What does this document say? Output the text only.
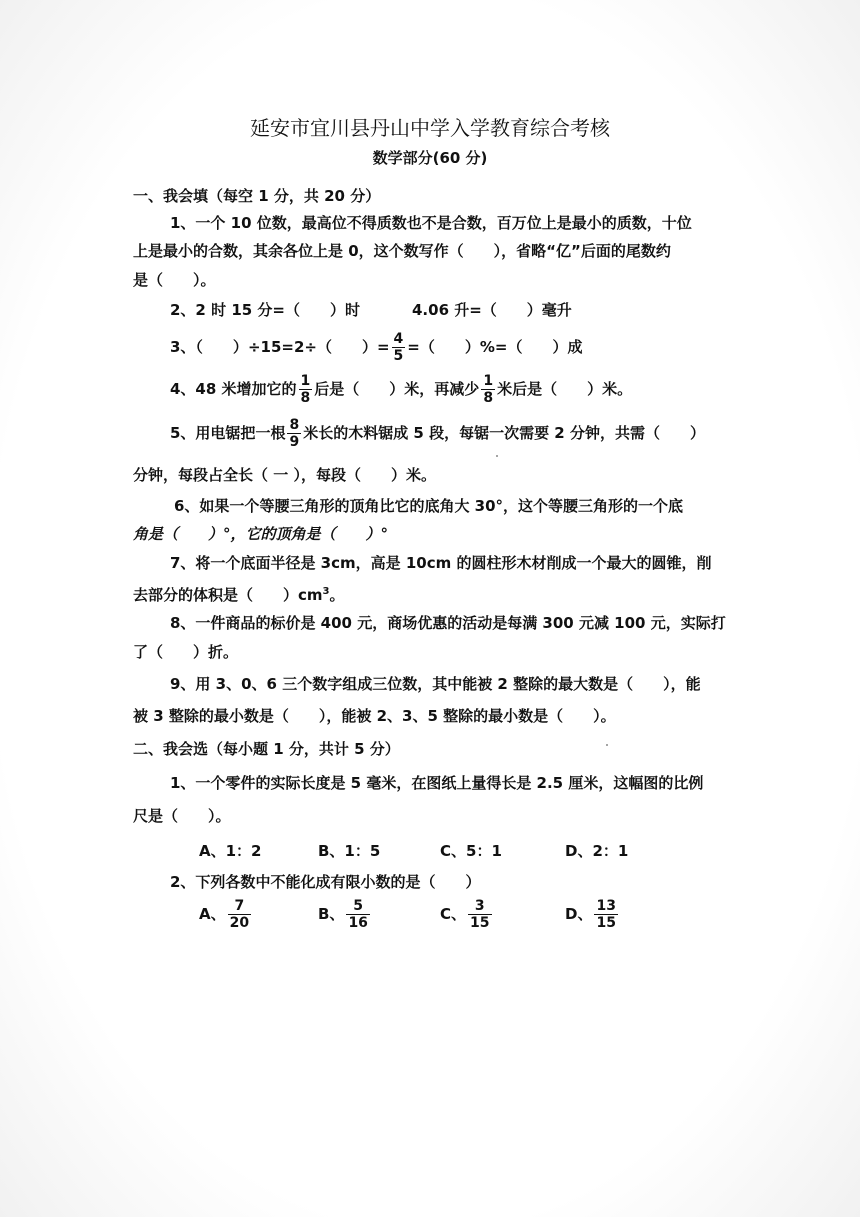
延安市宜川县丹山中学入学教育综合考核
数学部分(60 分)
一、我会填（每空 1 分，共 20 分）
1、一个 10 位数，最高位不得质数也不是合数，百万位上是最小的质数，十位
上是最小的合数，其余各位上是 0，这个数写作（　　），省略“亿”后面的尾数约
是（　　）。
2、2 时 15 分=（　　）时	4.06 升=（　　）毫升
3、（　　）÷15=2÷（　　）= $\frac{4}{5}$ =（　　）%=（　　）成
4、48 米增加它的 $\frac{1}{8}$ 后是（　　）米，再减少 $\frac{1}{8}$ 米后是（　　）米。
5、用电锯把一根 $\frac{8}{9}$ 米长的木料锯成 5 段，每锯一次需要 2 分钟，共需（　　）
分钟，每段占全长（ 一 ），每段（　　）米。
6、如果一个等腰三角形的顶角比它的底角大 30°，这个等腰三角形的一个底
角是（　　）°，它的顶角是（　　）°
7、将一个底面半径是 3cm，高是 10cm 的圆柱形木材削成一个最大的圆锥，削
去部分的体积是（　　）$cm^3$。
8、一件商品的标价是 400 元，商场优惠的活动是每满 300 元减 100 元，实际打
了（　　）折。
9、用 3、0、6 三个数字组成三位数，其中能被 2 整除的最大数是（　　），能
被 3 整除的最小数是（　　），能被 2、3、5 整除的最小数是（　　）。
二、我会选（每小题 1 分，共计 5 分）
1、一个零件的实际长度是 5 毫米，在图纸上量得长是 2.5 厘米，这幅图的比例
尺是（　　）。
A、1：2	B、1：5	C、5：1	D、2：1
2、下列各数中不能化成有限小数的是（　　）
A、 $\frac{7}{20}$	B、 $\frac{5}{16}$	C、 $\frac{3}{15}$	D、 $\frac{13}{15}$
